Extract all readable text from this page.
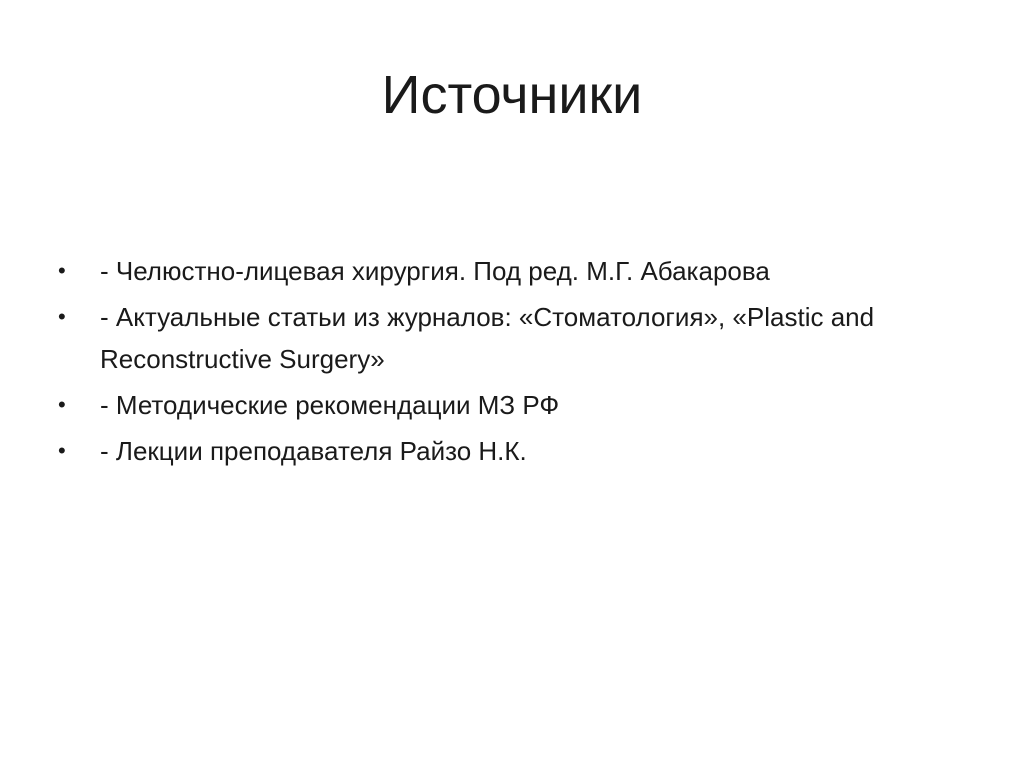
Источники
•	- Челюстно-лицевая хирургия. Под ред. М.Г. Абакарова
•	- Актуальные статьи из журналов: «Стоматология», «Plastic and Reconstructive Surgery»
•	- Методические рекомендации МЗ РФ
•	- Лекции преподавателя Райзо Н.К.
